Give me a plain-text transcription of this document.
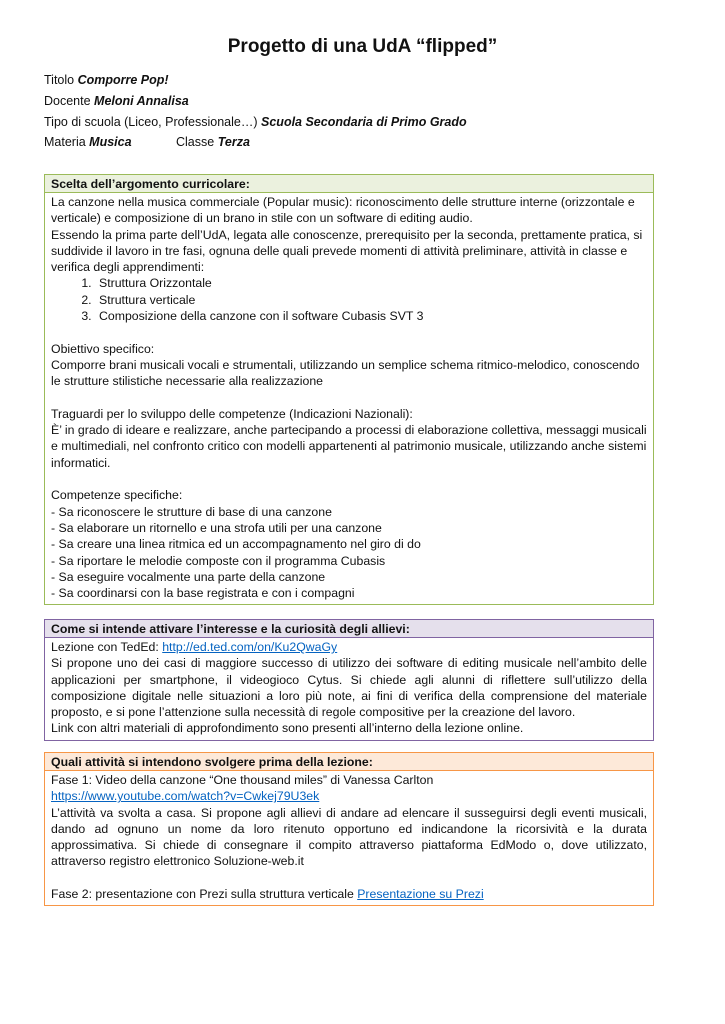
Progetto di una UdA “flipped”
Titolo Comporre Pop!
Docente Meloni Annalisa
Tipo di scuola (Liceo, Professionale…) Scuola Secondaria di Primo Grado
Materia Musica	Classe Terza
Scelta dell’argomento curricolare:
La canzone nella musica commerciale (Popular music): riconoscimento delle strutture interne (orizzontale e verticale) e composizione di un brano in stile con un software di editing audio.
Essendo la prima parte dell’UdA, legata alle conoscenze, prerequisito per la seconda, prettamente pratica, si suddivide il lavoro in tre fasi, ognuna delle quali prevede momenti di attività preliminare, attività in classe e verifica degli apprendimenti:
1. Struttura Orizzontale
2. Struttura verticale
3. Composizione della canzone con il software Cubasis SVT 3
Obiettivo specifico:
Comporre brani musicali vocali e strumentali, utilizzando un semplice schema ritmico-melodico, conoscendo le strutture stilistiche necessarie alla realizzazione
Traguardi per lo sviluppo delle competenze (Indicazioni Nazionali):
È’ in grado di ideare e realizzare, anche partecipando a processi di elaborazione collettiva, messaggi musicali e multimediali, nel confronto critico con modelli appartenenti al patrimonio musicale, utilizzando anche sistemi informatici.
Competenze specifiche:
- Sa riconoscere le strutture di base di una canzone
- Sa elaborare un ritornello e una strofa utili per una canzone
- Sa creare una linea ritmica ed un accompagnamento nel giro di do
- Sa riportare le melodie composte con il programma Cubasis
- Sa eseguire vocalmente una parte della canzone
- Sa coordinarsi con la base registrata e con i compagni
Come si intende attivare l’interesse e la curiosità degli allievi:
Lezione con TedEd: http://ed.ted.com/on/Ku2QwaGy
Si propone uno dei casi di maggiore successo di utilizzo dei software di editing musicale nell’ambito delle applicazioni per smartphone, il videogioco Cytus. Si chiede agli alunni di riflettere sull’utilizzo della composizione digitale nelle situazioni a loro più note, ai fini di verifica della comprensione del materiale proposto, e si pone l’attenzione sulla necessità di regole compositive per la creazione del lavoro.
Link con altri materiali di approfondimento sono presenti all’interno della lezione online.
Quali attività si intendono svolgere prima della lezione:
Fase 1: Video della canzone “One thousand miles” di Vanessa Carlton
https://www.youtube.com/watch?v=Cwkej79U3ek
L’attività va svolta a casa. Si propone agli allievi di andare ad elencare il susseguirsi degli eventi musicali, dando ad ognuno un nome da loro ritenuto opportuno ed indicandone la ricorsività e la durata approssimativa. Si chiede di consegnare il compito attraverso piattaforma EdModo o, dove utilizzato, attraverso registro elettronico Soluzione-web.it
Fase 2: presentazione con Prezi sulla struttura verticale Presentazione su Prezi
